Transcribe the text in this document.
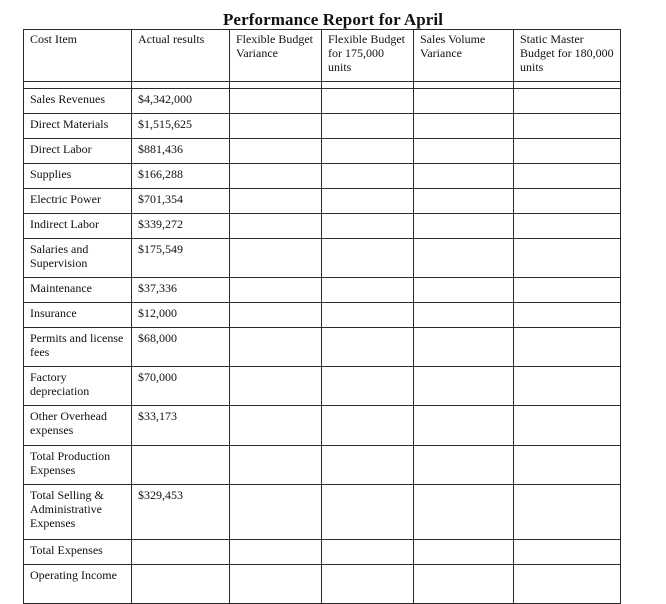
Performance Report for April
Cost Item	Actual results	Flexible Budget Variance	Flexible Budget for 175,000 units	Sales Volume Variance	Static Master Budget for 180,000 units

Sales Revenues	$4,342,000				
Direct Materials	$1,515,625				
Direct Labor	$881,436				
Supplies	$166,288				
Electric Power	$701,354				
Indirect Labor	$339,272				
Salaries and Supervision	$175,549				
Maintenance	$37,336				
Insurance	$12,000				
Permits and license fees	$68,000				
Factory depreciation	$70,000				
Other Overhead expenses	$33,173				
Total Production Expenses					
Total Selling & Administrative Expenses	$329,453				
Total Expenses					
Operating Income					
